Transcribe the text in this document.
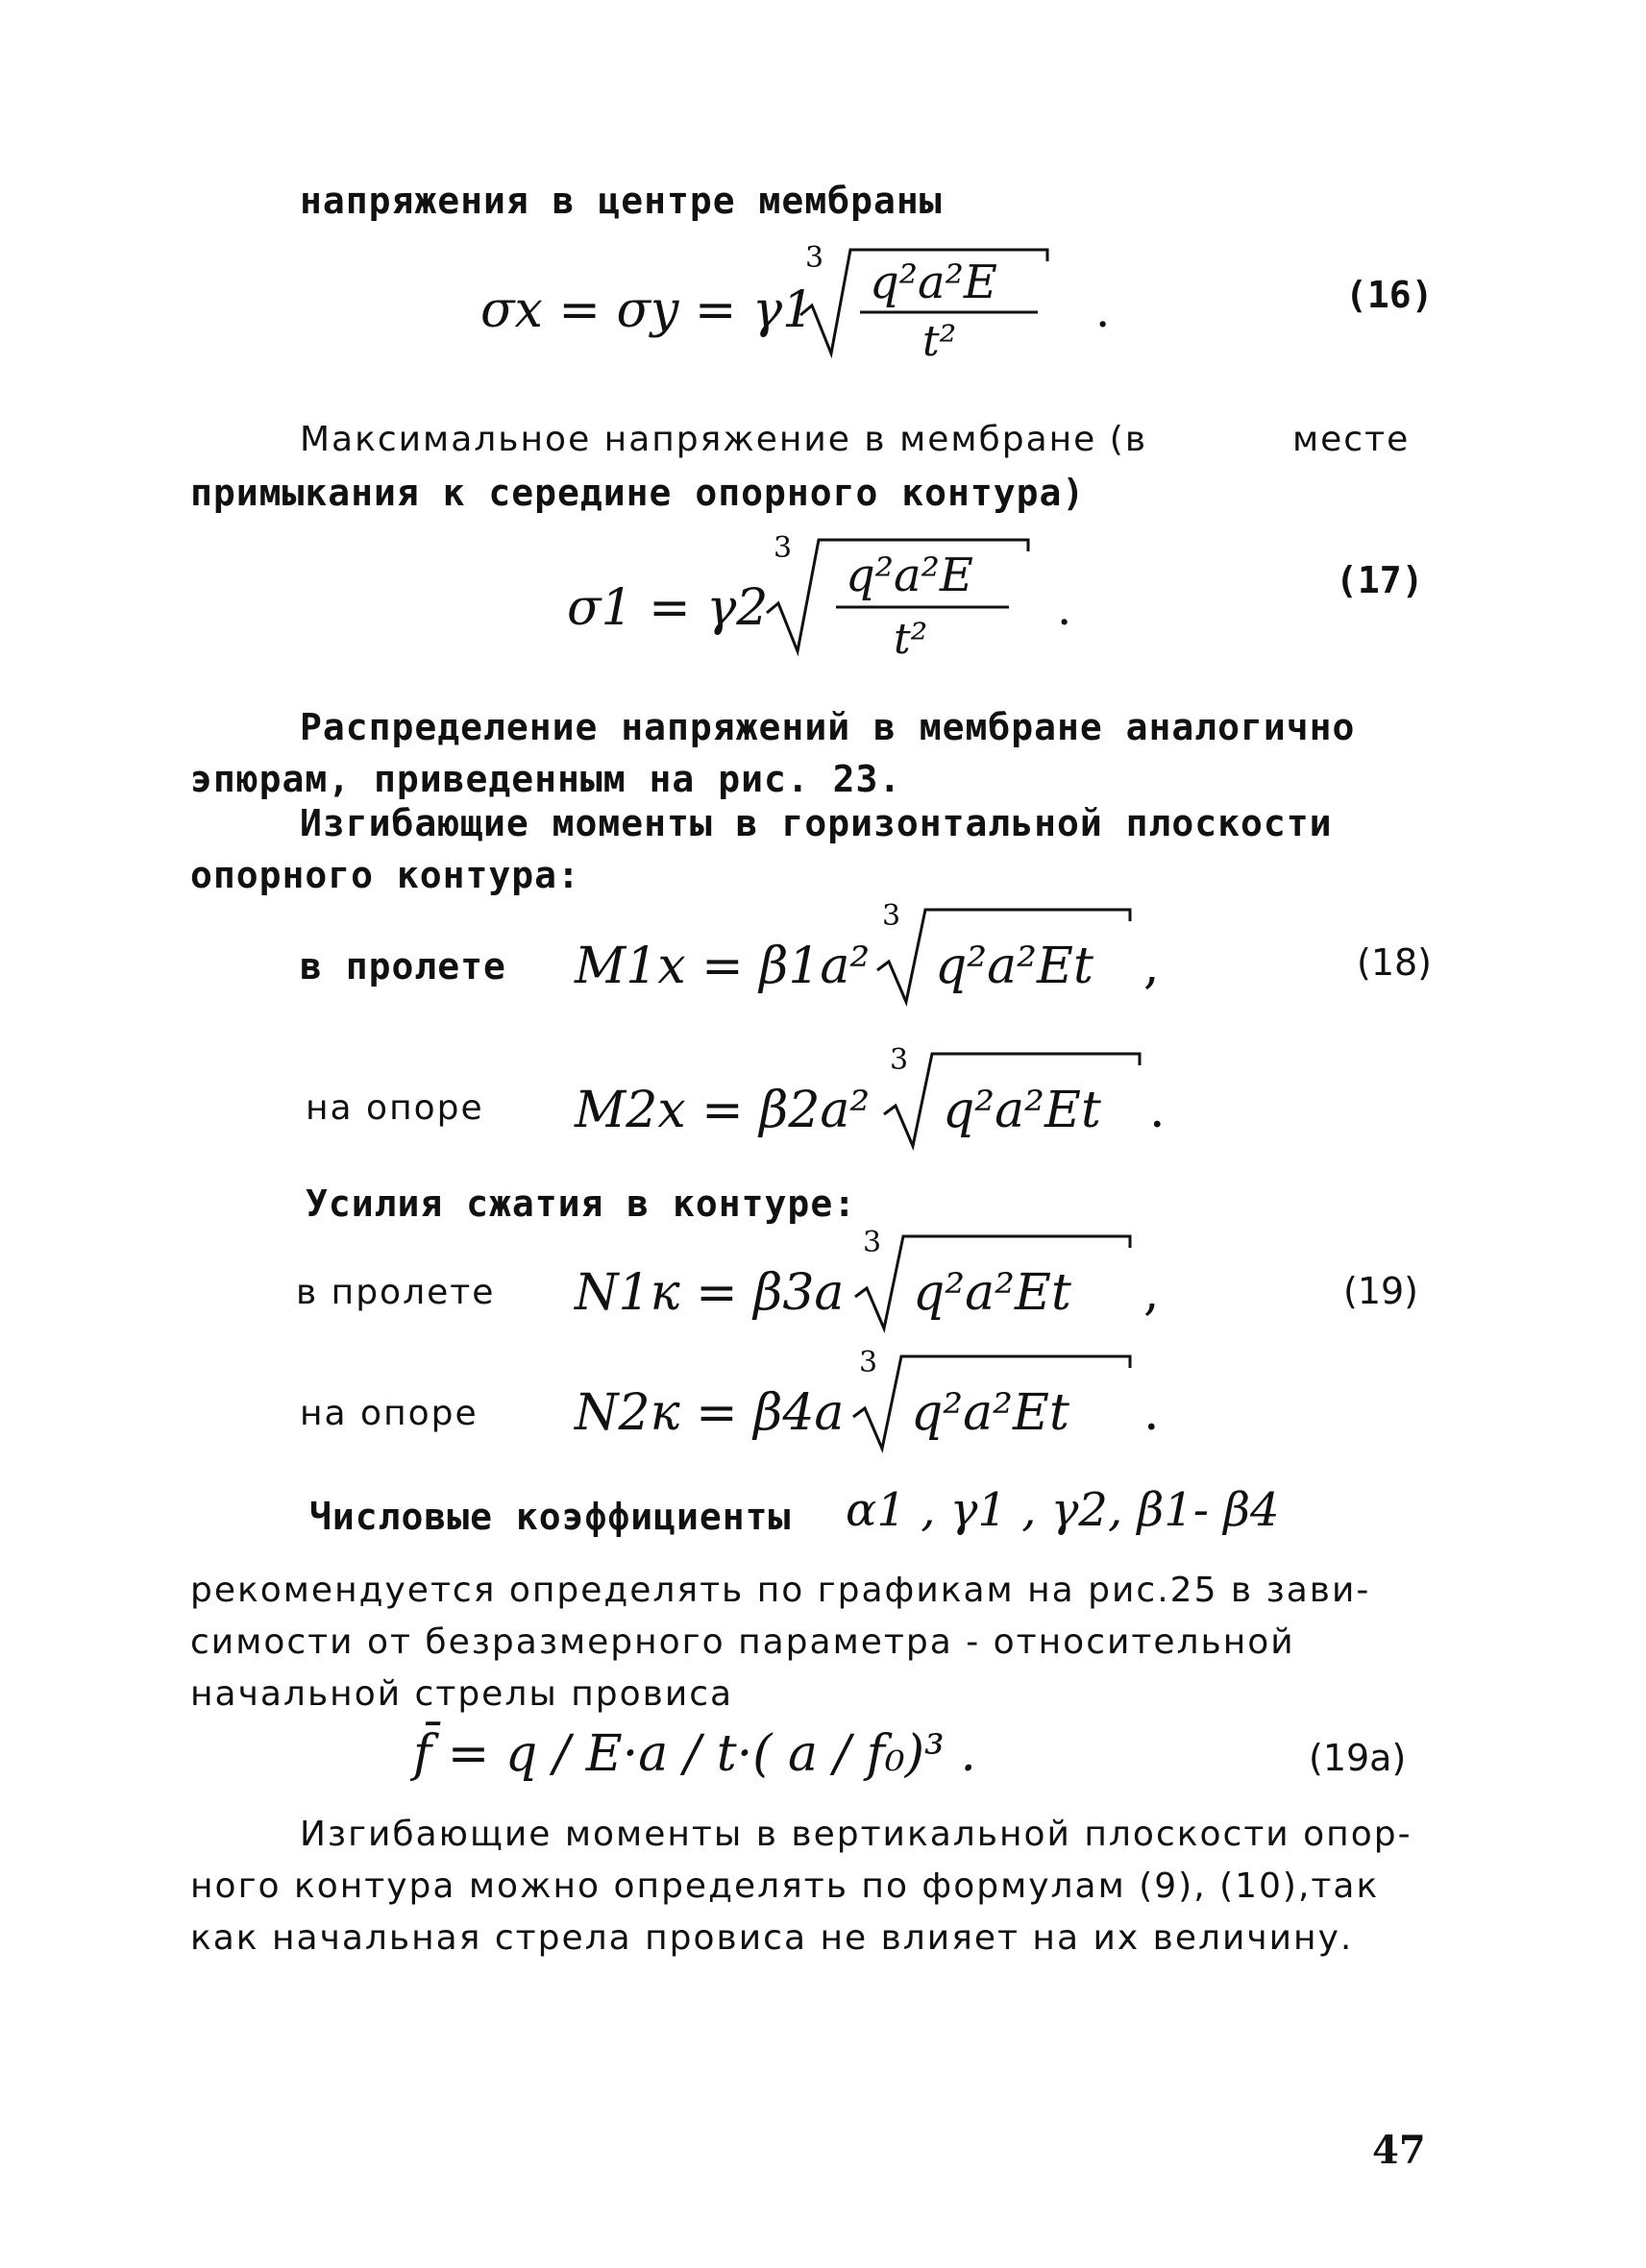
напряжения в центре мембраны
σx = σy = γ1
3 q²a²E
t²
.	(16)
Максимальное напряжение в мембране (в	месте
примыкания к середине опорного контура)
σ1 = γ2
3
q²a²E
t²
.
(17)
Распределение напряжений в мембране аналогично
эпюрам, приведенным на рис. 23.
Изгибающие моменты в горизонтальной плоскости
опорного контура:
в пролете M1x = β1a²
3
q²a²Et ,	(18)
на опоре M2x = β2a²
3
q²a²Et .
Усилия сжатия в контуре:
в пролете N1к = β3a
3
q²a²Et ,	(19)
на опоре N2к = β4a
3
q²a²Et .
Числовые коэффициенты α1 , γ1 , γ2, β1- β4
рекомендуется определять по графикам на рис.25 в зави-
симости от безразмерного параметра - относительной
начальной стрелы провиса
f̄ = q / E·a / t·( a / f₀)³ .	(19a)
Изгибающие моменты в вертикальной плоскости опор-
ного контура можно определять по формулам (9), (10),так
как начальная стрела провиса не влияет на их величину.
47
